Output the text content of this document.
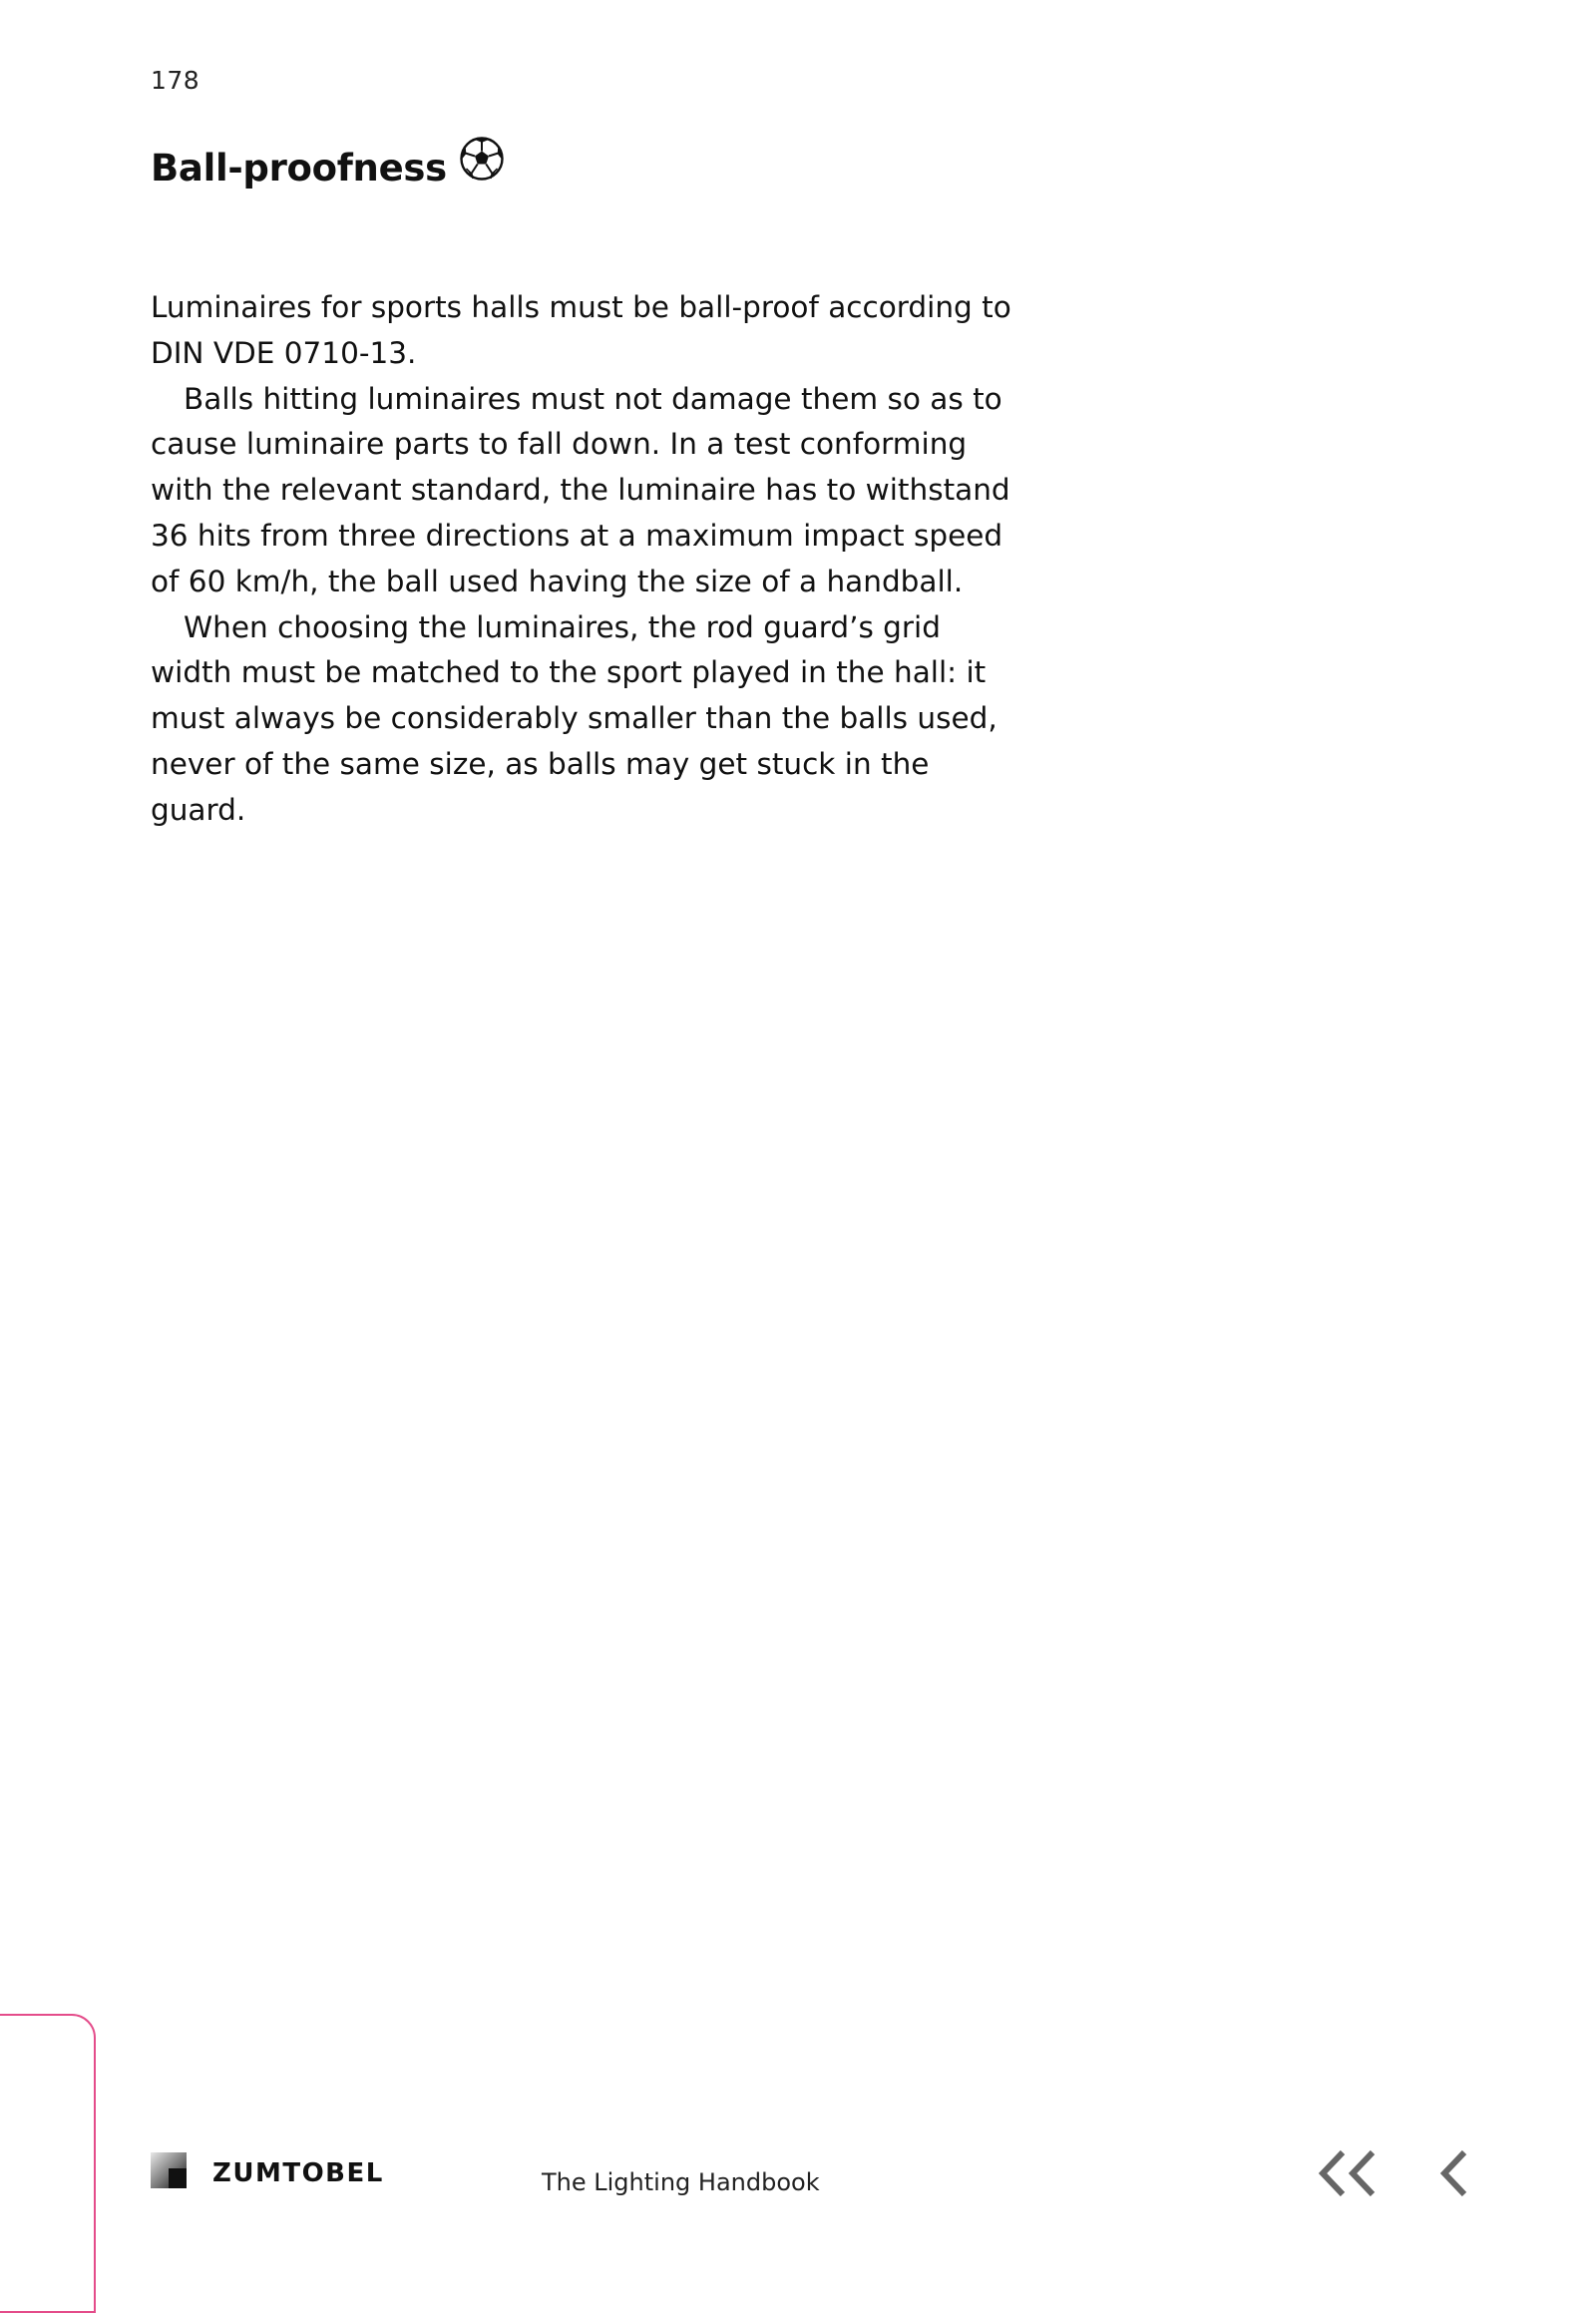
178
Ball-proofness

Luminaires for sports halls must be ball-proof according to DIN VDE 0710-13.

Balls hitting luminaires must not damage them so as to cause luminaire parts to fall down. In a test conforming with the relevant standard, the luminaire has to withstand 36 hits from three directions at a maximum impact speed of 60 km/h, the ball used having the size of a handball.

When choosing the luminaires, the rod guard’s grid width must be matched to the sport played in the hall: it must always be considerably smaller than the balls used, never of the same size, as balls may get stuck in the guard.

ZUMTOBEL	The Lighting Handbook
